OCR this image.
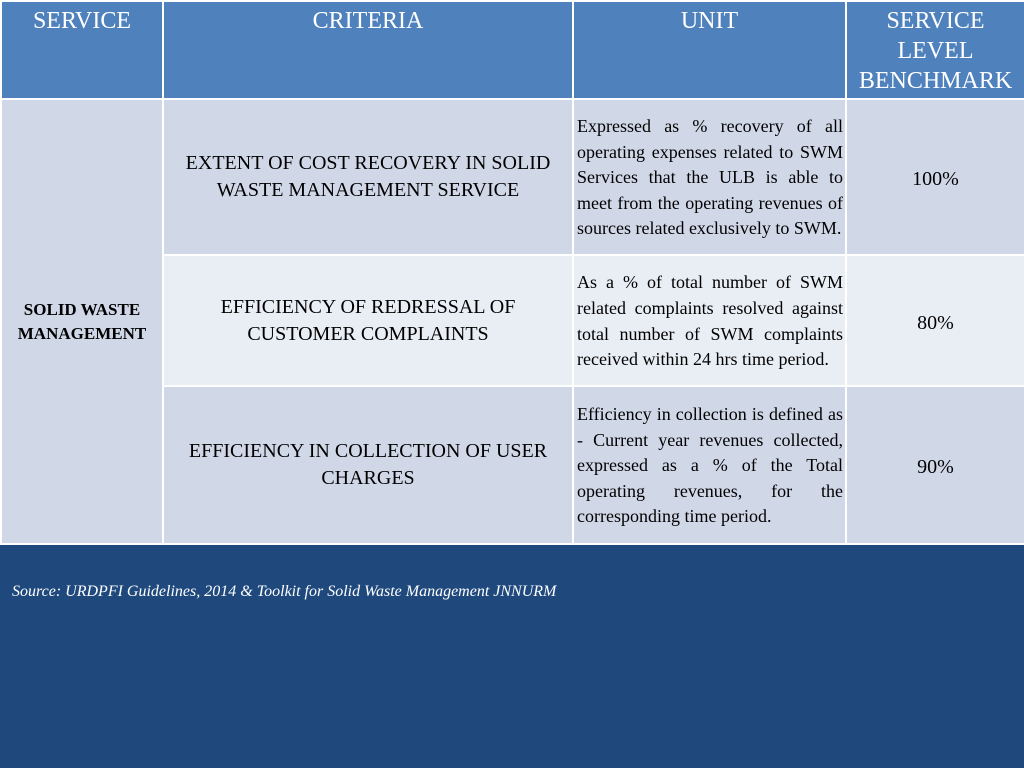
SERVICE	CRITERIA	UNIT	SERVICE
LEVEL
BENCHMARK
SOLID WASTE
MANAGEMENT	EXTENT OF COST RECOVERY IN SOLID WASTE MANAGEMENT SERVICE	Expressed as % recovery of all operating expenses related to SWM Services that the ULB is able to meet from the operating revenues of sources related exclusively to SWM.	100%
	EFFICIENCY OF REDRESSAL OF CUSTOMER COMPLAINTS	As a % of total number of SWM related complaints resolved against total number of SWM complaints received within 24 hrs time period.	80%
	EFFICIENCY IN COLLECTION OF USER CHARGES	Efficiency in collection is defined as - Current year revenues collected, expressed as a % of the Total operating revenues, for the corresponding time period.	90%
Source: URDPFI Guidelines, 2014 & Toolkit for Solid Waste Management JNNURM
